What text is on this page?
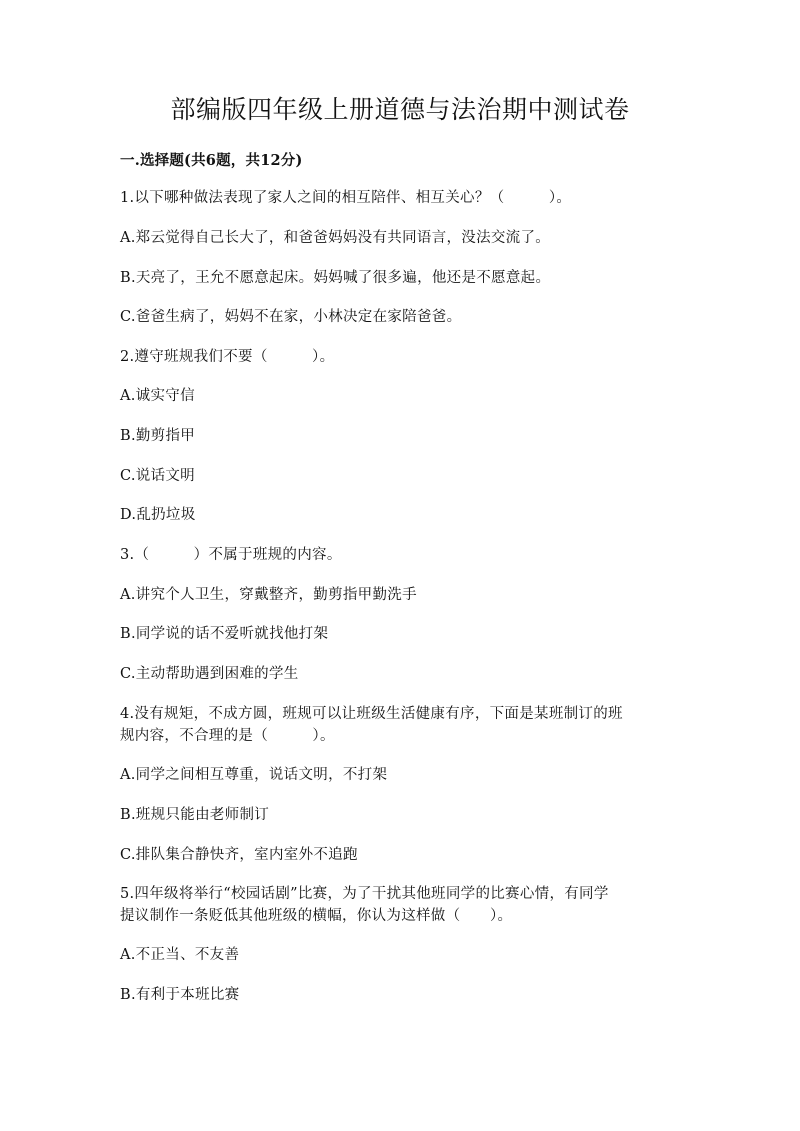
部编版四年级上册道德与法治期中测试卷
一.选择题(共6题，共12分)
1.以下哪种做法表现了家人之间的相互陪伴、相互关心？（　　　）。
A.郑云觉得自己长大了，和爸爸妈妈没有共同语言，没法交流了。
B.天亮了，王允不愿意起床。妈妈喊了很多遍，他还是不愿意起。
C.爸爸生病了，妈妈不在家，小林决定在家陪爸爸。
2.遵守班规我们不要（　　　）。
A.诚实守信
B.勤剪指甲
C.说话文明
D.乱扔垃圾
3.（　　　）不属于班规的内容。
A.讲究个人卫生，穿戴整齐，勤剪指甲勤洗手
B.同学说的话不爱听就找他打架
C.主动帮助遇到困难的学生
4.没有规矩，不成方圆，班规可以让班级生活健康有序，下面是某班制订的班
规内容，不合理的是（　　　）。
A.同学之间相互尊重，说话文明，不打架
B.班规只能由老师制订
C.排队集合静快齐，室内室外不追跑
5.四年级将举行“校园话剧”比赛，为了干扰其他班同学的比赛心情，有同学
提议制作一条贬低其他班级的横幅，你认为这样做（　　）。
A.不正当、不友善
B.有利于本班比赛
